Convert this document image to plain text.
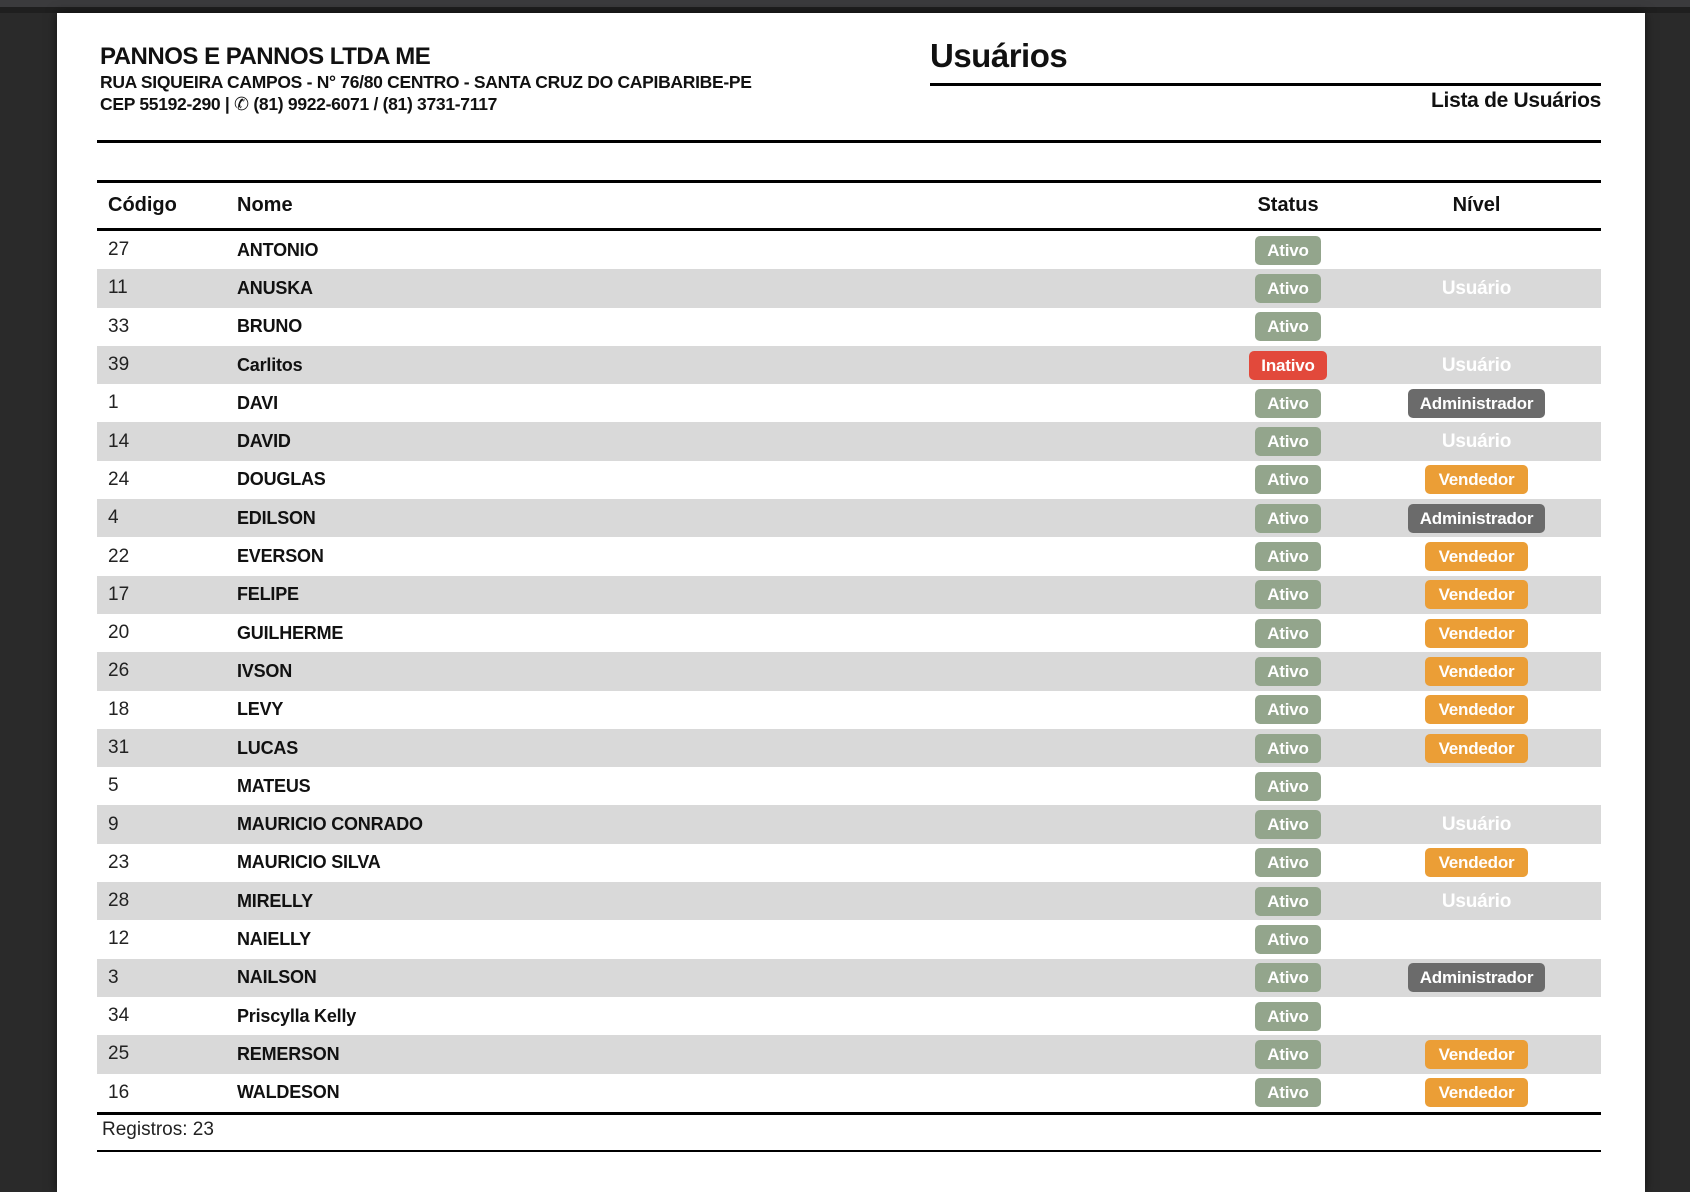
PANNOS E PANNOS LTDA ME
RUA SIQUEIRA CAMPOS - N° 76/80 CENTRO - SANTA CRUZ DO CAPIBARIBE-PE
CEP 55192-290 | ✆ (81) 9922-6071 / (81) 3731-7117
Usuários
Lista de Usuários
Código	Nome	Status	Nível
27	ANTONIO	Ativo
11	ANUSKA	Ativo	Usuário
33	BRUNO	Ativo
39	Carlitos	Inativo	Usuário
1	DAVI	Ativo	Administrador
14	DAVID	Ativo	Usuário
24	DOUGLAS	Ativo	Vendedor
4	EDILSON	Ativo	Administrador
22	EVERSON	Ativo	Vendedor
17	FELIPE	Ativo	Vendedor
20	GUILHERME	Ativo	Vendedor
26	IVSON	Ativo	Vendedor
18	LEVY	Ativo	Vendedor
31	LUCAS	Ativo	Vendedor
5	MATEUS	Ativo
9	MAURICIO CONRADO	Ativo	Usuário
23	MAURICIO SILVA	Ativo	Vendedor
28	MIRELLY	Ativo	Usuário
12	NAIELLY	Ativo
3	NAILSON	Ativo	Administrador
34	Priscylla Kelly	Ativo
25	REMERSON	Ativo	Vendedor
16	WALDESON	Ativo	Vendedor
Registros: 23
